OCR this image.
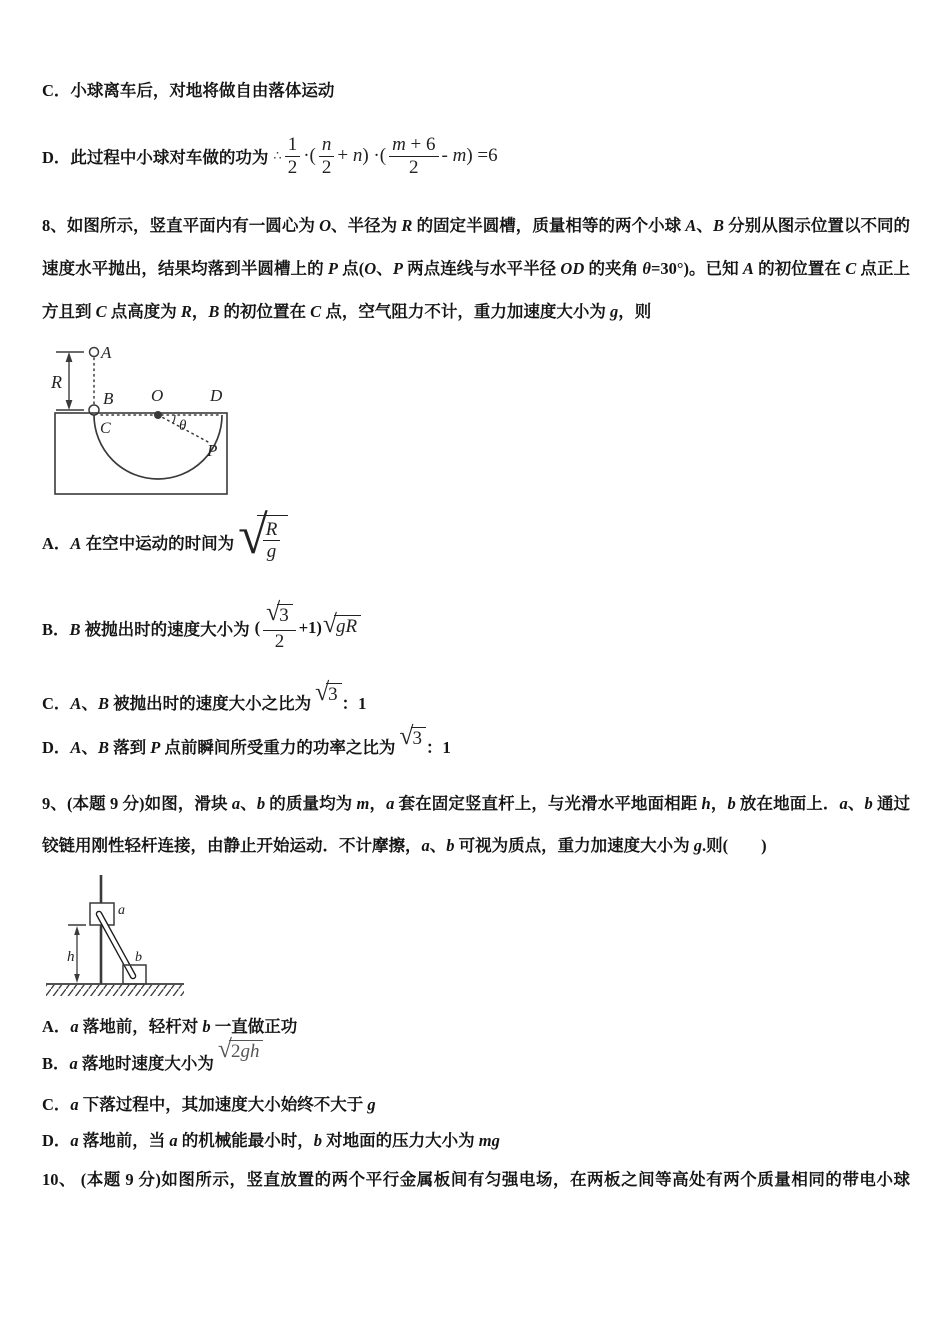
C．小球离车后，对地将做自由落体运动
D．此过程中小球对车做的功为 ∴ $\frac{1}{2}$ ·( $\frac{n}{2} + n$) ·( $\frac{m + 6}{2} - m) =6$
8、如图所示，竖直平面内有一圆心为 O、半径为 R 的固定半圆槽，质量相等的两个小球 A、B 分别从图示位置以不同的
速度水平抛出，结果均落到半圆槽上的 P 点(O、P 两点连线与水平半径 OD 的夹角 θ=30°)。已知 A 的初位置在 C 点正上
方且到 C 点高度为 R，B 的初位置在 C 点，空气阻力不计，重力加速度大小为 g，则
R
A
B O	D
C	θ
P
A．A 在空中运动的时间为 √
$\frac{R}{g}$
B．B 被抛出时的速度大小为 ( $\frac{√ 3}{2} +1$) √ gR
C．A、B 被抛出时的速度大小之比为 √ 3 ：1
D．A、B 落到 P 点前瞬间所受重力的功率之比为 √ 3 ：1
9、(本题 9 分)如图，滑块 a、b 的质量均为 m，a 套在固定竖直杆上，与光滑水平地面相距 h，b 放在地面上．a、b 通过
铰链用刚性轻杆连接，由静止开始运动．不计摩擦，a、b 可视为质点，重力加速度大小为 g.则(　　)
a
h	b
A．a 落地前，轻杆对 b 一直做正功
B．a 落地时速度大小为
√ 2gh
C．a 下落过程中，其加速度大小始终不大于 g
D．a 落地前，当 a 的机械能最小时，b 对地面的压力大小为 mg
10、 (本题 9 分)如图所示，竖直放置的两个平行金属板间有匀强电场，在两板之间等高处有两个质量相同的带电小球
